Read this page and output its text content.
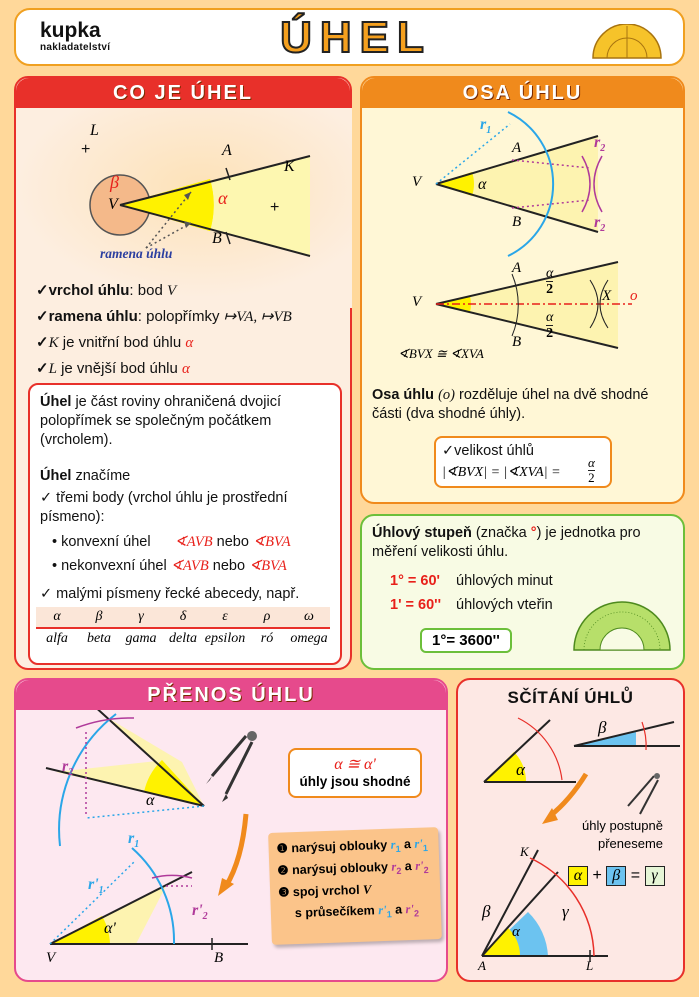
kupka
nakladatelství	ÚHEL
CO JE ÚHEL
+
+
L
K
A
B
V
β
α
ramena úhlu
✓vrchol úhlu: bod V
✓ramena úhlu: polopřímky ↦VA, ↦VB
✓K je vnitřní bod úhlu α
✓L je vnější bod úhlu α
Úhel je část roviny ohraničená dvojicí polopřímek se společným počátkem (vrcholem).
Úhel značíme
✓ třemi body (vrchol úhlu je prostřední písmeno):
• konvexní úhel ∢AVB nebo ∢BVA
• nekonvexní úhel ∢AVB nebo ∢BVA
✓ malými písmeny řecké abecedy, např.
α	β	γ	δ	ε	ρ	ω
alfa	beta	gama	delta	epsilon	ró	omega
OSA ÚHLU
$r_1$
$r_2$
$r_2$
A
B
V	α
A
B
V	X o
α
2
α
2
∢BVX ≅ ∢XVA
Osa úhlu (o) rozděluje úhel na dvě shodné části (dva shodné úhly).
✓velikost úhlů
|∢BVX| = |∢XVA| =
α
2
Úhlový stupeň (značka °) je jednotka pro měření velikosti úhlu.
1° = 60' úhlových minut
1' = 60'' úhlových vteřin
1°= 3600''
PŘENOS ÚHLU
$r_2$
$r_1$
$r'_1$
$r'_2$
α
α'
V	B
α ≅ α'
úhly jsou shodné
❶ narýsuj oblouky $r_1$ a $r'_1$
❷ narýsuj oblouky $r_2$ a $r'_2$
❸ spoj vrchol V
s průsečíkem $r'_1$ a $r'_2$
SČÍTÁNÍ ÚHLŮ
α
β
úhly postupně
přeneseme
K
A	L
β
α
γ
α + β = γ
